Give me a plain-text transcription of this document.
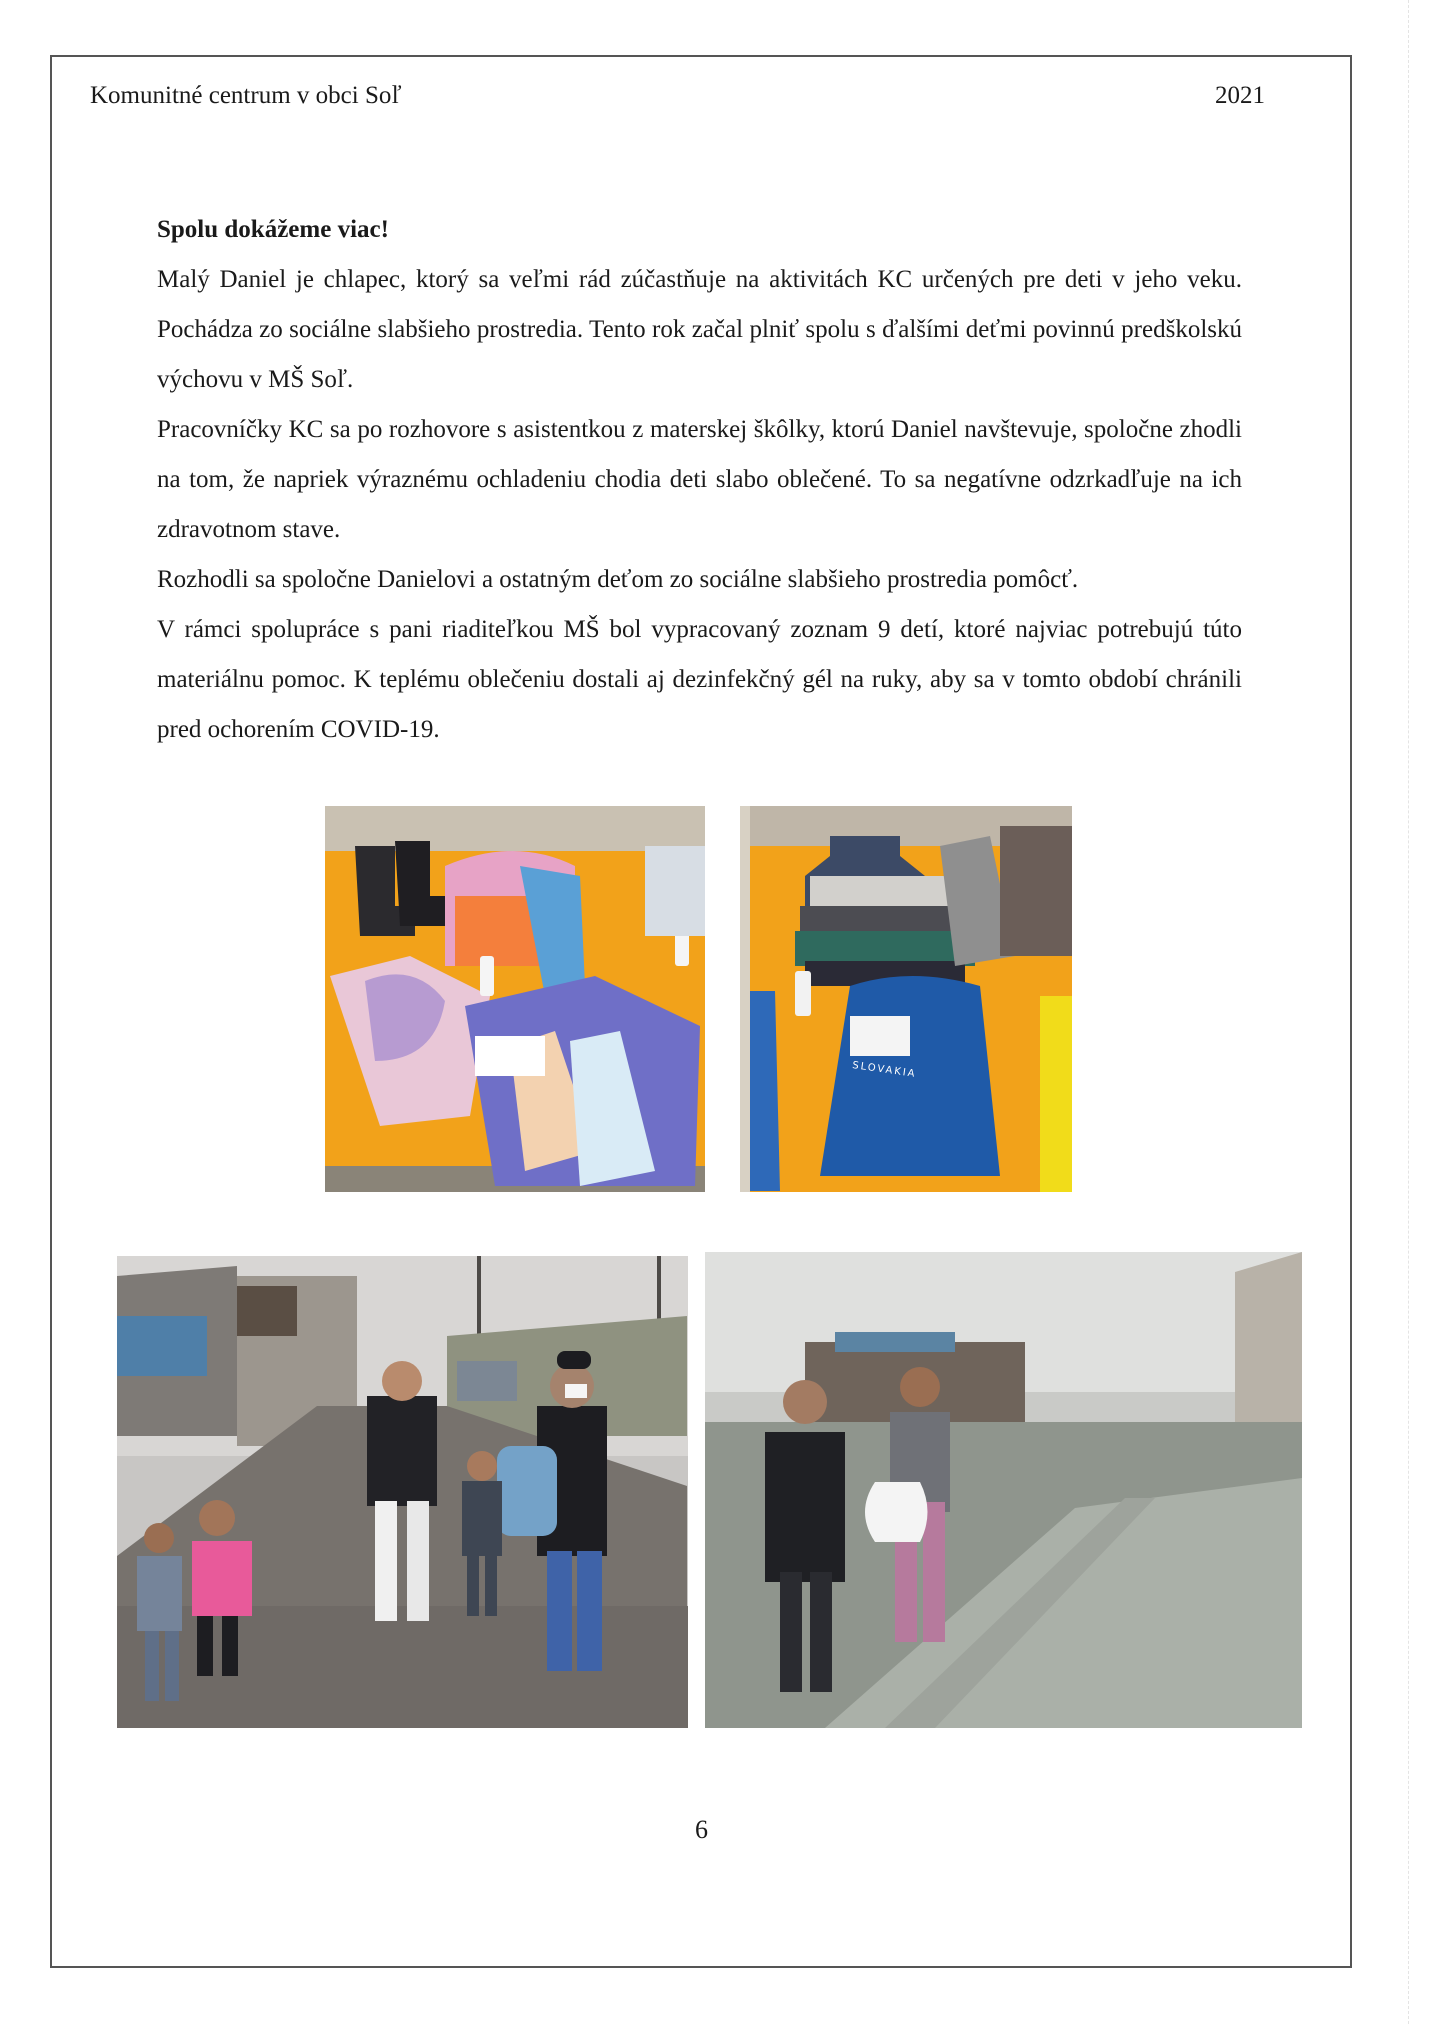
Komunitné centrum v obci Soľ	2021
Spolu dokážeme viac!

Malý Daniel je chlapec, ktorý sa veľmi rád zúčastňuje na aktivitách KC určených pre deti v jeho veku. Pochádza zo sociálne slabšieho prostredia. Tento rok začal plniť spolu s ďalšími deťmi povinnú predškolskú výchovu v MŠ Soľ.

Pracovníčky KC sa po rozhovore s asistentkou z materskej škôlky, ktorú Daniel navštevuje, spoločne zhodli na tom, že napriek výraznému ochladeniu chodia deti slabo oblečené. To sa negatívne odzrkadľuje na ich zdravotnom stave.

Rozhodli sa spoločne Danielovi a ostatným deťom zo sociálne slabšieho prostredia pomôcť.

V rámci spolupráce s pani riaditeľkou MŠ bol vypracovaný zoznam 9 detí, ktoré najviac potrebujú túto materiálnu pomoc. K teplému oblečeniu dostali aj dezinfekčný gél na ruky, aby sa v tomto období chránili pred ochorením COVID-19.

SLOVAKIA
6
